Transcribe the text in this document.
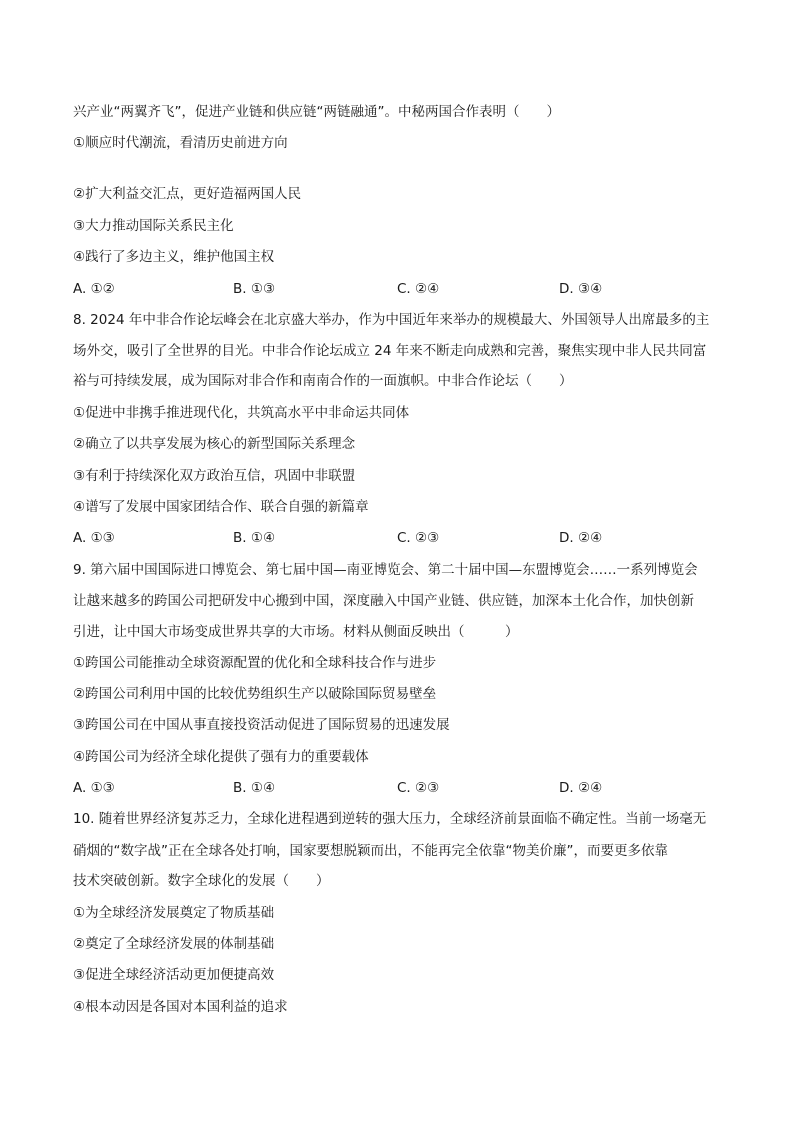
兴产业“两翼齐飞”，促进产业链和供应链“两链融通”。中秘两国合作表明（　　）
①顺应时代潮流，看清历史前进方向
②扩大利益交汇点，更好造福两国人民
③大力推动国际关系民主化
④践行了多边主义，维护他国主权
A. ①②	B. ①③	C. ②④	D. ③④
8. 2024 年中非合作论坛峰会在北京盛大举办，作为中国近年来举办的规模最大、外国领导人出席最多的主
场外交，吸引了全世界的目光。中非合作论坛成立 24 年来不断走向成熟和完善，聚焦实现中非人民共同富
裕与可持续发展，成为国际对非合作和南南合作的一面旗帜。中非合作论坛（　　）
①促进中非携手推进现代化，共筑高水平中非命运共同体
②确立了以共享发展为核心的新型国际关系理念
③有利于持续深化双方政治互信，巩固中非联盟
④谱写了发展中国家团结合作、联合自强的新篇章
A. ①③	B. ①④	C. ②③	D. ②④
9. 第六届中国国际进口博览会、第七届中国—南亚博览会、第二十届中国—东盟博览会……一系列博览会
让越来越多的跨国公司把研发中心搬到中国，深度融入中国产业链、供应链，加深本土化合作，加快创新
引进，让中国大市场变成世界共享的大市场。材料从侧面反映出（　　　）
①跨国公司能推动全球资源配置的优化和全球科技合作与进步
②跨国公司利用中国的比较优势组织生产以破除国际贸易壁垒
③跨国公司在中国从事直接投资活动促进了国际贸易的迅速发展
④跨国公司为经济全球化提供了强有力的重要载体
A. ①③	B. ①④	C. ②③	D. ②④
10. 随着世界经济复苏乏力，全球化进程遇到逆转的强大压力，全球经济前景面临不确定性。当前一场毫无
硝烟的“数字战”正在全球各处打响，国家要想脱颖而出，不能再完全依靠“物美价廉”，而要更多依靠
技术突破创新。数字全球化的发展（　　）
①为全球经济发展奠定了物质基础
②奠定了全球经济发展的体制基础
③促进全球经济活动更加便捷高效
④根本动因是各国对本国利益的追求
